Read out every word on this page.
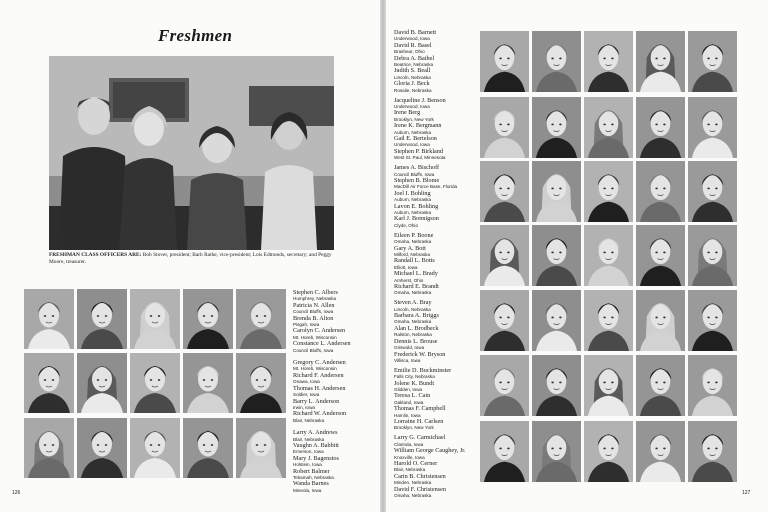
Freshmen
FRESHMAN CLASS OFFICERS ARE: Bob Stover, president; Barb Rathe, vice-president; Lois Edmonds, secretary; and Peggy Moore, treasurer.
Stephen C. Albers
Humphrey, Nebraska
Patricia N. Allen
Council Bluffs, Iowa
Brenda B. Alton
Pisgah, Iowa
Carolyn C. Andersen
Mt. Horeb, Wisconsin
Constance L. Andersen
Council Bluffs, Iowa
Gregory C. Andersen
Mt. Horeb, Wisconsin
Richard F. Andersen
Onawa, Iowa
Thomas H. Andersen
Soldier, Iowa
Barry L. Anderson
Irwin, Iowa
Richard W. Anderson
Blair, Nebraska
Larry A. Andrews
Blair, Nebraska
Vaughn A. Babbitt
Emerson, Iowa
Mary J. Bagenstos
Holstein, Iowa
Robert Balmer
Tekamah, Nebraska
Wanda Barnes
Mineola, Iowa
David B. Barnett
Underwood, Iowa
David R. Basel
Brashear, Ohio
Debra A. Bathel
Beatrice, Nebraska
Judith S. Beall
Lincoln, Nebraska
Gloria J. Beck
Rosalie, Nebraska
Jacqueline J. Benson
Underwood, Iowa
Irene Berg
Brooklyn, New York
Irene K. Bergmann
Auburn, Nebraska
Gail E. Bertelson
Underwood, Iowa
Stephen P. Birkland
West St. Paul, Minnesota
James A. Bischoff
Council Bluffs, Iowa
Stephen B. Blome
MacDill Air Force Base, Florida
Joel I. Bohling
Auburn, Nebraska
Lavon E. Bohling
Auburn, Nebraska
Karl J. Bonnigson
Clyde, Ohio
Eileen P. Boone
Omaha, Nebraska
Gary A. Bott
Milford, Nebraska
Randall L. Botts
Elliott, Iowa
Michael L. Brady
Amherst, Ohio
Richard E. Brandt
Omaha, Nebraska
Steven A. Bray
Lincoln, Nebraska
Barbara A. Briggs
Omaha, Nebraska
Alan L. Brodbeck
Ralston, Nebraska
Dennis L. Brouse
Griswold, Iowa
Frederick W. Bryson
Villisca, Iowa
Emilie D. Buckminster
Falls City, Nebraska
Jolene K. Bundt
Glidden, Iowa
Teresa L. Cain
Oakland, Iowa
Thomas F. Campbell
Hamlin, Iowa
Lorraine H. Carlsen
Brooklyn, New York
Larry G. Carmichael
Clarinda, Iowa
William George Caughey, Jr.
Knoxville, Iowa
Harold O. Cerner
Blair, Nebraska
Carin B. Christensen
Minden, Nebraska
David F. Christensen
Omaha, Nebraska
126	127
